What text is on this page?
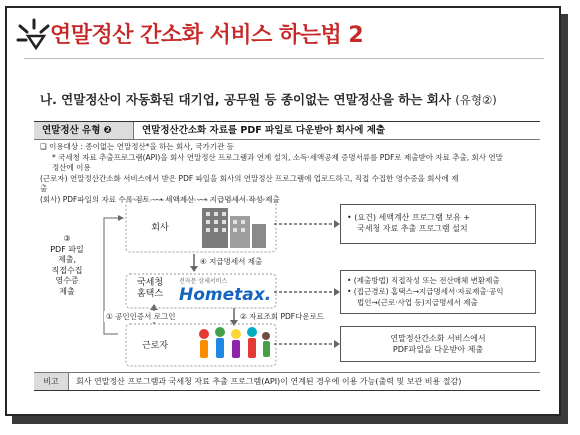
연말정산 간소화 서비스 하는법 2
나. 연말정산이 자동화된 대기업, 공무원 등 종이없는 연말정산을 하는 회사 (유형②)
연말정산 유형 ❷	연말정산간소화 자료를 PDF 파일로 다운받아 회사에 제출
❑ 이용대상 : 종이없는 연말정산*을 하는 회사, 국가기관 등
* 국세청 자료 추출프로그램(API)을 회사 연말정산 프로그램과 연계 설치, 소득·세액공제 증명서류를 PDF로 제출받아 자료 추출, 회사 연말
정산에 이용
(근로자) 연말정산간소화 서비스에서 받은 PDF 파일을 회사의 연말정산 프로그램에 업로드하고, 직접 수집한 영수증을 회사에 제
출
(회사) PDF파일의 자료 수록·검토 ⟶ 세액계산 ⟶ 지급명세서 작성·제출
회사
국세청
홈택스
전자문 상세서비스
Hometax.
근로자
③
PDF 파일
제출,
직접수집
영수증
제출
④ 지급명세서 제출
① 공인인증서 로그인	② 자료조회 PDF다운로드
• (요건) 세액계산 프로그램 보유 +
국세청 자료 추출 프로그램 설치
• (제출방법) 직접작성 또는 전산매체 변환제출
• (접근경로) 홈택스→지급명세서·자료제출·공익
법인→(근로·사업 등)지급명세서 제출
연말정산간소화 서비스에서
PDF파일을 다운받아 제출
비고	회사 연말정산 프로그램과 국세청 자료 추출 프로그램(API)이 연계된 경우에 이용 가능(출력 및 보관 비용 절감)
